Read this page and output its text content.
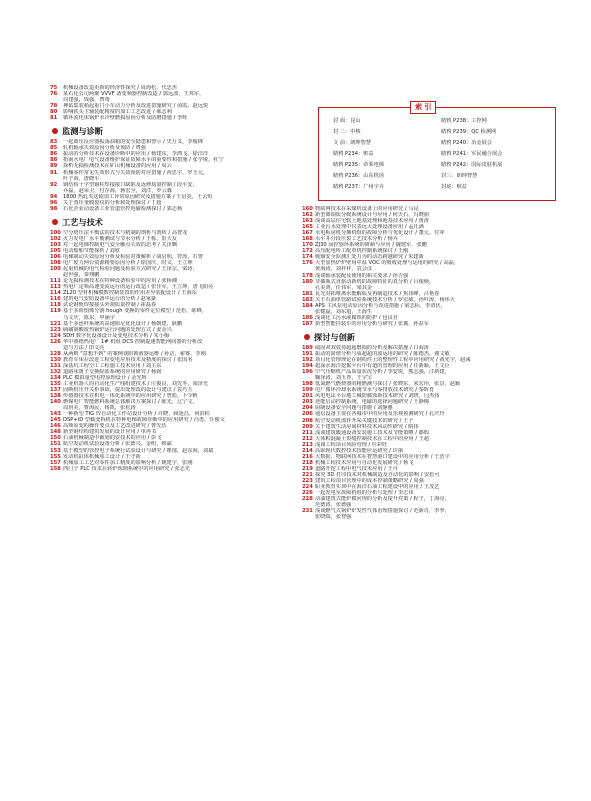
75 机械设备改造更新的经济性探究 / 周海松，代忠杰
76 某石化公司两聚 VVVF 备变频器控制改造 / 郭远波，王邦军，
周建强，钱强，曹靖
78 神钻集装箱起重门小车动力分析及改进措施研究 / 俞霞，赵远悦
80 影响铁头主轴装配精度的加工工艺改进 / 郝志利
81 循环流化床锅炉水冷壁磨损原因分析及防磨措施 / 李辉
监测与诊断
83 一起离压反应器振荡油箱的安全隐患和警示 / 史万义，李俊锋
85 轧机轴承失效原因分析及预防 / 费强
86 振动的分析技术在设备诊断中的应用 / 杨建东，李鸿飞，徐洋洋
88 指南水电厂电气设备维护保证故障水平的重要性和措施 / 张学锐，杜宁
89 探析无损检测技术在矿山机械设备的应用 / 周云
91 机械零件常见失效形式与失效预防对应措施 / 祝思宇，罗玉元，
叶子海，唐晓平
92 钢结构十字型钢柱焊接接口缺陷及返修质量控制 / 段平安，
乔磊，赵荣卫，付存海，蒋宏全，刘洋，罗云森
94 1800 热轧夹送辊加工异常原因研究及措施方案 / 王启亮，王云烜
96 关于蒸压釜膜裂纹的分析和处理探讨 / 丁超
98 石化企业动设备工业管道管控电磁检测探讨 / 郭志杨
工艺与技术
100 空分塔压法平衡法的技术与精制的剖析与剖析 / 高智龙
102 火力发电厂水平衡测试与节水分析 / 王栋，彭天友
103 对一起电梯控制电气安全触点失效的思考 / 关泽飘
105 电动船舶节能探析 / 刘欣
106 电梯制动失效原因分析及检验对策解析 / 胡启明，符涛，石警
108 电厂废力网台资源精要原因分析 / 徐国庆，时义，王立坤
109 起重机械的电气检验问题及检验方式研究 / 王泽宗，梁涛，
赵世强，秦翔鹏
111 论无损检测技术在特种设备检验中的应用 / 张桥湘
113 热电厂定频高速变流运行的运行改造 / 张佳军，王立坤，唐飞阳亮
114 ZL20 型材机械模数控制装置的作用差异装配设计 / 王海东
116 建筑电气安防设备中运行的分析 / 赵家豪
118 试论钢轨焊接接头外观质量控制 / 霍磊春
119 基于多阶图像分割 hough 变换的零件定位模型 / 范松，陈峰，
马文庆，陈东，申涵宇
121 基于多连杆系统的高速阻尼优化设计 / 杨朝建，耿鹏
123 硫磺制酸废热锅炉运行问题的处理方式 / 姜金兴
124 SDH 数字化设备设计及变电技术分析 / 朱小梅
126 华中睿德热电厂 1# 机组 DCS 控制提速智能网间器的分析改
造与方法 / 田文亮
128 从两则 "意想不到" 的案例谈阻锁液器运维 / 孙洁，翟睿，李刚
130 教育车床在改进工程变电应用技术及精度的探讨 / 张国名
131 深基坑工程空工工程施工技术应用 / 刘主东
132 道路床离子交换除盐系统的应用研究 / 杨铭
134 PLC 模拟量型电控原理设计 / 金光辉
135 工业机器人的自动化生产线组建技术 / 庄俊良，刘先冬，梁泽光
137 固断机压开关柜事故，提出处理改的设计与建议 / 袁巧玉
138 传感器技术在机电一体化系统中的应用研究 / 曾彪，卜令帆
140 燃煤电厂智能燃料系统总体解决方案探讨 / 陈光，辽宁文，
周玥美，曹海民，杨凯，张松涛
143 一种新型 TIG 焊自动化工作站设计分析 / 许晓，顾延昌，何滨积
145 DSP+ID 型蠕变拆机在特种电梯故障诊断中的应用研究 / 冯勇，任俊文
146 高频原变的操作要点及工艺改进研究 / 曹先伍
148 新型钢结构建筑发展的设计应用 / 单再书
150 石油机械制造中截划的安技术的应用 / 彭飞
151 航空发动机试验设备分析 / 张德兴，金明，韩斌
153 基于模型的管控电子系统行试验设计与研究 / 瞿郁，赵东海，刘斌
155 发动机缸体机械加工设计 / 王守新
157 机械加工工艺对零件加工精度的影响分析 / 姚建宇，张刚
158 西门子 PLC 技术在转炉炼钢系统中的应用研究 / 张志光
封 面：昆山	睹鸦 P238：工控网
封 二：中核	睹鸦 P239：QC 检测网
文 前：朗坤智慧	睹鸦 P240：冶金展会
睹鸦 P234：赃益	睹鸦 P241：军民融合展会
睹鸦 P235：帝莱电梯	睹鸦 P242：国际皮肤机展
睹鸦 P236：山东机场	封三：朗坤智慧
睹鸦 P237：广州宇卉	封底：赃益
索 引
160 物联网技术在采煤机设备上的应用研究 / 马昆
162 新型离调质分级系统设计与应用 / 何天石，冯晓丽
163 浅谈高层住宅软土地基处理和地基技术应用 / 黄涛
165 工业污水处理中仪表远大处理设备应用 / 孟凡满
167 水电板房机分摊机组的故障分析与优化设计 / 董元，付冲
168 水平井分段压裂工艺技术分析 / 杨卉
170 ZJ30 固控器环系统的研制与应用 / 魏建军，张鹏
172 高压配电所工配单机控制系统探讨 / 王刚
174 吸烟安全监测汇处力为的动态跨越研究 / 朱建新
176 大型加热炉炉壁用中温 VOC 的吸收处理与运用的研究 / 高磊，
黄海涛，刘祥祥，袁会彦
178 浅谈轴承装配及使用的相关要求 / 孙吉强
180 非插瓶式直驱动新机的故障特征的真分析 / 吕俊焕，
孔美鸿，任伟军，梁其金
181 瓦光对拓唯离水能解质及再制造技术 / 焦伟峰，吕艳春
183 关于石油单管路试验系统技术分析 / 罗宏威，孙叶涛，杨伟大
184 APS 主风泵电动原因分析与改进措施 / 梁志标，李清伏，
张健磊，刘东旭，王海生
186 浅谈化工污水液腐蚀的防护 / 包良君
187 新型智能挂装车的应用分析与研究 / 张翼，孙益军
探讨与创新
189 硫固双双效蒸超超磨损的分析及解决措施 / 白海涛
191 振动的简谐分析与成超超的波运用的研究 / 陈德杰，谢文敏
192 项目化管理理论在钢构件上的整理性工程中应用研究 / 黄光宇，赵彧
194 超深水海洋挖掘平台中有道的管理的应用 / 任新颖，王文臣
196 空气压缩机产品质量状况分析 / 李安锐，熊志强，汪新建，
鞠泽涛，刘玉青，王宇宝
198 低氮燃气燃烧器的粗燃测与探讨 / 张晓东，荣宏伟，张景，赵颖
199 电厂循环冷却水系统节水与零排放技术研究 / 秦晖育
201 风电电法平台地工械防腐蚀新技术研究 / 刘晓，闫杰伟
203 逆能启动控制系统，电磁的选择问题研究 / 王静梅
204 厨制设备安全问题与措施 / 刘静雅
206 通信设备主要在各城市中的应用及乐观预测研究 / 孔庆玲
208 航空发动机部件开采关键技术的研究 / 王子
209 关于建筑生活房间材料技术风动性研究 / 隋伟
211 浅谈建筑暖通设备安装施工技术及节能策略 / 都瑕
212 大体积混凝土裂缝控制技术在工程中的应用 / 王超
213 浅谈工程项目风险管理 / 任彩旺
214 高职现代数控技术技能应运研究 / 许丽
216 大数据、物联网技术在智慧港口建设中的应用分析 / 王浩宇
218 机械工程技术应用与自动化发展研究 / 杨飞
219 道路开挖工程中电气技术应用 / 王丹
221 探究 3D 打印技术对机械制造及自动化的影响 / 安松可
223 建筑工程项目管理中的成本控制策略研究 / 周强
224 职业教育实训中在海洋石油工程建设中的应用 / 王茂艺
226 一起发电室故障机组的分析与处理 / 李志伟
228 动油建筑式能炉模问规的分析及提升对策 / 程子，丁海亮，
范德涛，张德强
231 浅谈燃气式锅炉炉发性气体治理措施探讨 / 范新肖，李季，
张晓瑞，张智强
